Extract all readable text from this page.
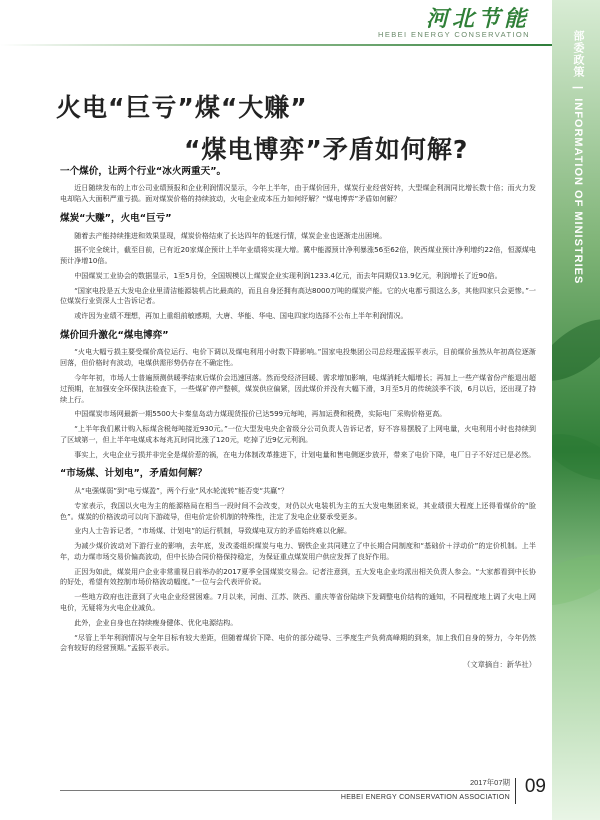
河北节能
HEBEI ENERGY CONSERVATION	部委政策 | INFORMATION OF MINISTRIES
火电“巨亏”煤“大赚”
“煤电博弈”矛盾如何解?
一个煤价，让两个行业“冰火两重天”。

近日随续发布的上市公司业绩预报和企业利润情况显示，今年上半年，由于煤价回升，煤炭行业经营好转，大型煤企利润同比增长数十倍；而火力发电却陷入大面积严重亏损。面对煤炭价格的持续波动，火电企业成本压力如何纾解？“煤电博弈”矛盾如何解？

煤炭“大赚”，火电“巨亏”

随着去产能持续推进和效果显现，煤炭价格结束了长达四年的低迷行情，煤炭企业也逐渐走出困境。

据不完全统计，截至目前，已有近20家煤企预计上半年业绩将实现大增。冀中能源预计净利暴涨56至62倍，陕西煤业预计净利增约22倍，恒源煤电预计净增10倍。

中国煤炭工业协会的数据显示，1至5月份，全国规模以上煤炭企业实现利润1233.4亿元，而去年同期仅13.9亿元，利润增长了近90倍。

“国家电投是五大发电企业里清洁能源装机占比最高的，而且自身还拥有高达8000万吨的煤炭产能。它的火电都亏损这么多，其他四家只会更惨。”一位煤炭行业资深人士告诉记者。

或许因为业绩不理想，再加上重组前敏感期，大唐、华能、华电、国电四家均选择不公布上半年利润情况。

煤价回升激化“煤电博弈”

“火电大幅亏损主要受煤价高位运行、电价下调以及煤电利用小时数下降影响。”国家电投集团公司总经理孟振平表示，目前煤价虽然从年初高位逐渐回落，但价格时有波动，电煤供需形势仍存在不确定性。

今年年初，市场人士普遍预测供暖季结束后煤价会迅速回落。然而受经济回暖、需求增加影响，电煤消耗大幅增长；再加上一些产煤省份产能退出超过预期，在加强安全环保执法检查下，一些煤矿停产整顿，煤炭供应偏紧，因此煤价并没有大幅下滑，3月至5月的传统淡季不淡，6月以后，还出现了持续上行。

中国煤炭市场网最新一期5500大卡秦皇岛动力煤现货报价已达599元每吨，再加运费和税费，实际电厂采购价格更高。

“上半年我们累计购入标煤含税每吨接近930元。”一位大型发电央企省级分公司负责人告诉记者，好不容易摆脱了上网电量，火电利用小时也持续到了区域第一，但上半年电煤成本每兆瓦时同比涨了120元，吃掉了近9亿元利润。

事实上，火电企业亏损并非完全是煤价惹的祸，在电力体制改革推进下，计划电量和售电侧逐步放开，带来了电价下降，电厂日子不好过已是必然。

“市场煤、计划电”，矛盾如何解？

从“电强煤弱”到“电亏煤盈”，两个行业“风水轮流转”能否变“共赢”？

专家表示，我国以火电为主的能源格局在相当一段时间不会改变，对仍以火电装机为主的五大发电集团来说，其业绩很大程度上还得看煤价的“脸色”。煤炭的价格波动可以向下游疏导，但电价定价机制的特殊性，注定了发电企业要承受更多。

业内人士告诉记者，“市场煤、计划电”的运行机制，导致煤电双方的矛盾始终难以化解。

为减少煤价波动对下游行业的影响，去年底，发改委组织煤炭与电力、钢铁企业共同建立了中长期合同制度和“基础价＋浮动价”的定价机制。上半年，动力煤市场交易价偏高波动，但中长协合同价格保持稳定，为保证重点煤炭用户供应发挥了良好作用。

正因为如此，煤炭用户企业非常重视日前举办的2017夏季全国煤炭交易会。记者注意到，五大发电企业均派出相关负责人参会。“大家都看到中长协的好处，希望有效控制市场价格波动幅度。”一位与会代表评价说。

一些地方政府也注意到了火电企业经营困难。7月以来，河南、江苏、陕西、重庆等省份陆续下发调整电价结构的通知，不同程度地上调了火电上网电价，无疑将为火电企业减负。

此外，企业自身也在持续瘦身健体、优化电源结构。

“尽管上半年利润情况与全年目标有较大差距，但随着煤价下降、电价的部分疏导、三季度生产负荷高峰期的到来，加上我们自身的努力，今年仍然会有较好的经营预期。”孟振平表示。

（文章摘自：新华社）
2017年07期
HEBEI ENERGY CONSERVATION ASSOCIATION
09
